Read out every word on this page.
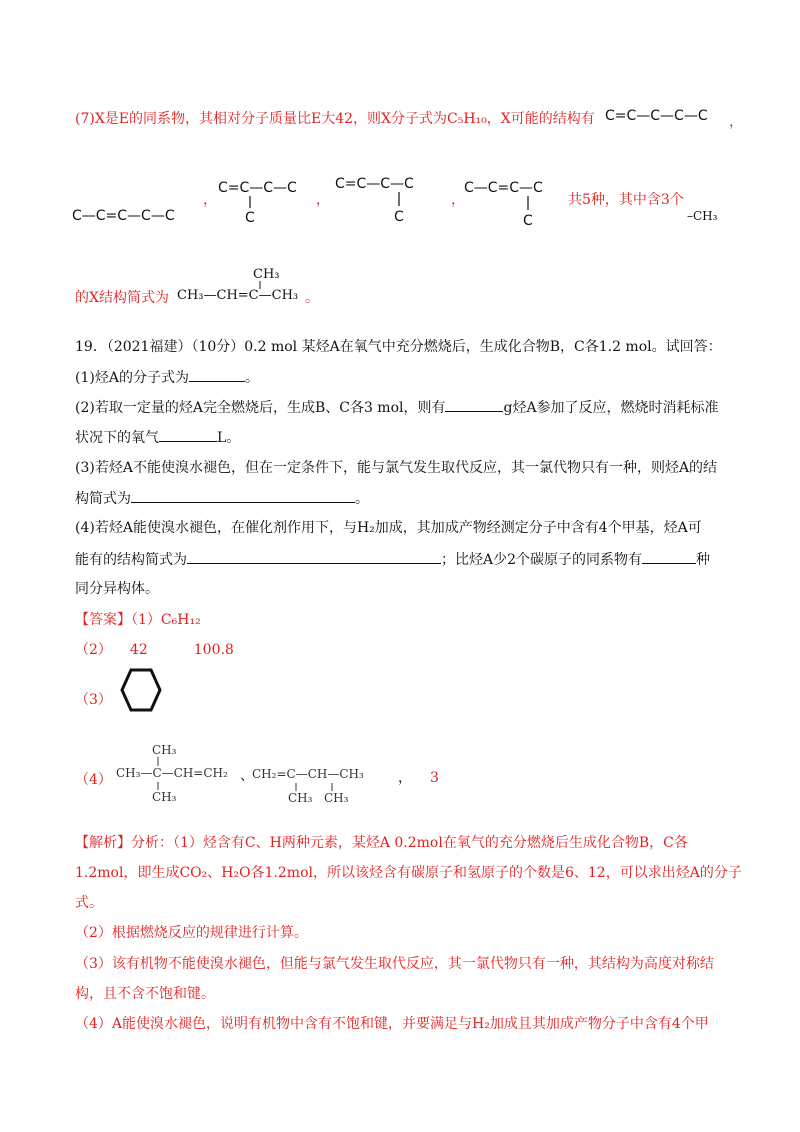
(7)X是E的同系物，其相对分子质量比E大42，则X分子式为C₅H₁₀，X可能的结构有 C=C—C—C—C ，
C—C=C—C—C
，
C=C—C—C
C
，
C=C—C—C
C
，
C—C=C—C
C
共5种，其中含3个
–CH₃
的X结构简式为
CH₃
CH₃—CH=C—CH₃ 。
19．（2021福建）（10分）0.2 mol 某烃A在氧气中充分燃烧后，生成化合物B，C各1.2 mol。试回答：
(1)烃A的分子式为	。
(2)若取一定量的烃A完全燃烧后，生成B、C各3 mol，则有	g烃A参加了反应，燃烧时消耗标准
状况下的氧气	L。
(3)若烃A不能使溴水褪色，但在一定条件下，能与氯气发生取代反应，其一氯代物只有一种，则烃A的结
构简式为	。
(4)若烃A能使溴水褪色，在催化剂作用下，与H₂加成，其加成产物经测定分子中含有4个甲基，烃A可
能有的结构简式为	；比烃A少2个碳原子的同系物有	种
同分异构体。
【答案】（1）C₆H₁₂
（2） 42	100.8
（3）
（4）
CH₃
CH₃—C—CH=CH₂
CH₃
、
CH₂=C—CH—CH₃
CH₃ CH₃
， 3
【解析】分析：（1）烃含有C、H两种元素，某烃A 0.2mol在氧气的充分燃烧后生成化合物B，C各
1.2mol，即生成CO₂、H₂O各1.2mol，所以该烃含有碳原子和氢原子的个数是6、12，可以求出烃A的分子
式。
（2）根据燃烧反应的规律进行计算。
（3）该有机物不能使溴水褪色，但能与氯气发生取代反应，其一氯代物只有一种，其结构为高度对称结
构，且不含不饱和键。
（4）A能使溴水褪色，说明有机物中含有不饱和键，并要满足与H₂加成且其加成产物分子中含有4个甲
